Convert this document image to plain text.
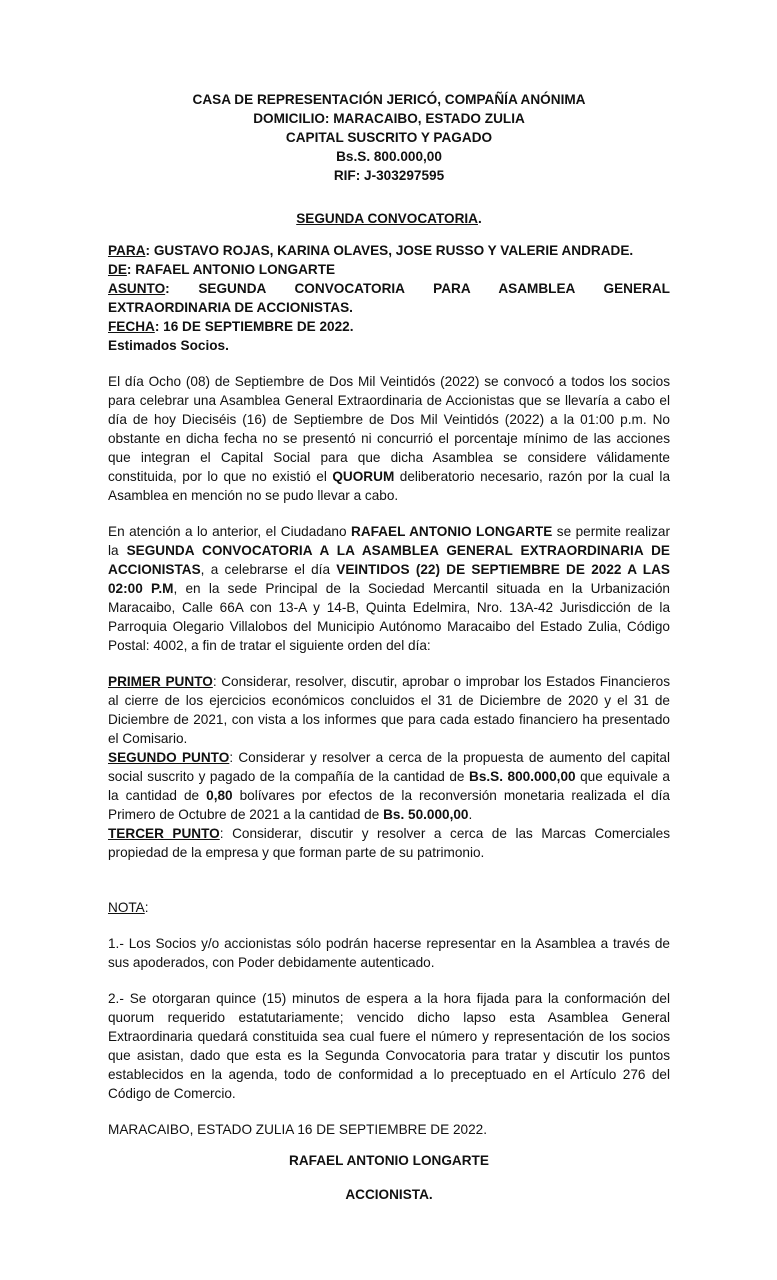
CASA DE REPRESENTACIÓN JERICÓ, COMPAÑÍA ANÓNIMA
DOMICILIO: MARACAIBO, ESTADO ZULIA
CAPITAL SUSCRITO Y PAGADO
Bs.S. 800.000,00
RIF: J-303297595
SEGUNDA CONVOCATORIA.
PARA: GUSTAVO ROJAS, KARINA OLAVES, JOSE RUSSO Y VALERIE ANDRADE.
DE: RAFAEL ANTONIO LONGARTE
ASUNTO: SEGUNDA CONVOCATORIA PARA ASAMBLEA GENERAL EXTRAORDINARIA DE ACCIONISTAS.
FECHA: 16 DE SEPTIEMBRE DE 2022.
Estimados Socios.

El día Ocho (08) de Septiembre de Dos Mil Veintidós (2022) se convocó a todos los socios para celebrar una Asamblea General Extraordinaria de Accionistas que se llevaría a cabo el día de hoy Dieciséis (16) de Septiembre de Dos Mil Veintidós (2022) a la 01:00 p.m. No obstante en dicha fecha no se presentó ni concurrió el porcentaje mínimo de las acciones que integran el Capital Social para que dicha Asamblea se considere válidamente constituida, por lo que no existió el QUORUM deliberatorio necesario, razón por la cual la Asamblea en mención no se pudo llevar a cabo.

En atención a lo anterior, el Ciudadano RAFAEL ANTONIO LONGARTE se permite realizar la SEGUNDA CONVOCATORIA A LA ASAMBLEA GENERAL EXTRAORDINARIA DE ACCIONISTAS, a celebrarse el día VEINTIDOS (22) DE SEPTIEMBRE DE 2022 A LAS 02:00 P.M, en la sede Principal de la Sociedad Mercantil situada en la Urbanización Maracaibo, Calle 66A con 13-A y 14-B, Quinta Edelmira, Nro. 13A-42 Jurisdicción de la Parroquia Olegario Villalobos del Municipio Autónomo Maracaibo del Estado Zulia, Código Postal: 4002, a fin de tratar el siguiente orden del día:

PRIMER PUNTO: Considerar, resolver, discutir, aprobar o improbar los Estados Financieros al cierre de los ejercicios económicos concluidos el 31 de Diciembre de 2020 y el 31 de Diciembre de 2021, con vista a los informes que para cada estado financiero ha presentado el Comisario.
SEGUNDO PUNTO: Considerar y resolver a cerca de la propuesta de aumento del capital social suscrito y pagado de la compañía de la cantidad de Bs.S. 800.000,00 que equivale a la cantidad de 0,80 bolívares por efectos de la reconversión monetaria realizada el día Primero de Octubre de 2021 a la cantidad de Bs. 50.000,00.
TERCER PUNTO: Considerar, discutir y resolver a cerca de las Marcas Comerciales propiedad de la empresa y que forman parte de su patrimonio.
NOTA:

1.- Los Socios y/o accionistas sólo podrán hacerse representar en la Asamblea a través de sus apoderados, con Poder debidamente autenticado.

2.- Se otorgaran quince (15) minutos de espera a la hora fijada para la conformación del quorum requerido estatutariamente; vencido dicho lapso esta Asamblea General Extraordinaria quedará constituida sea cual fuere el número y representación de los socios que asistan, dado que esta es la Segunda Convocatoria para tratar y discutir los puntos establecidos en la agenda, todo de conformidad a lo preceptuado en el Artículo 276 del Código de Comercio.

MARACAIBO, ESTADO ZULIA 16 DE SEPTIEMBRE DE 2022.

RAFAEL ANTONIO LONGARTE
ACCIONISTA.
